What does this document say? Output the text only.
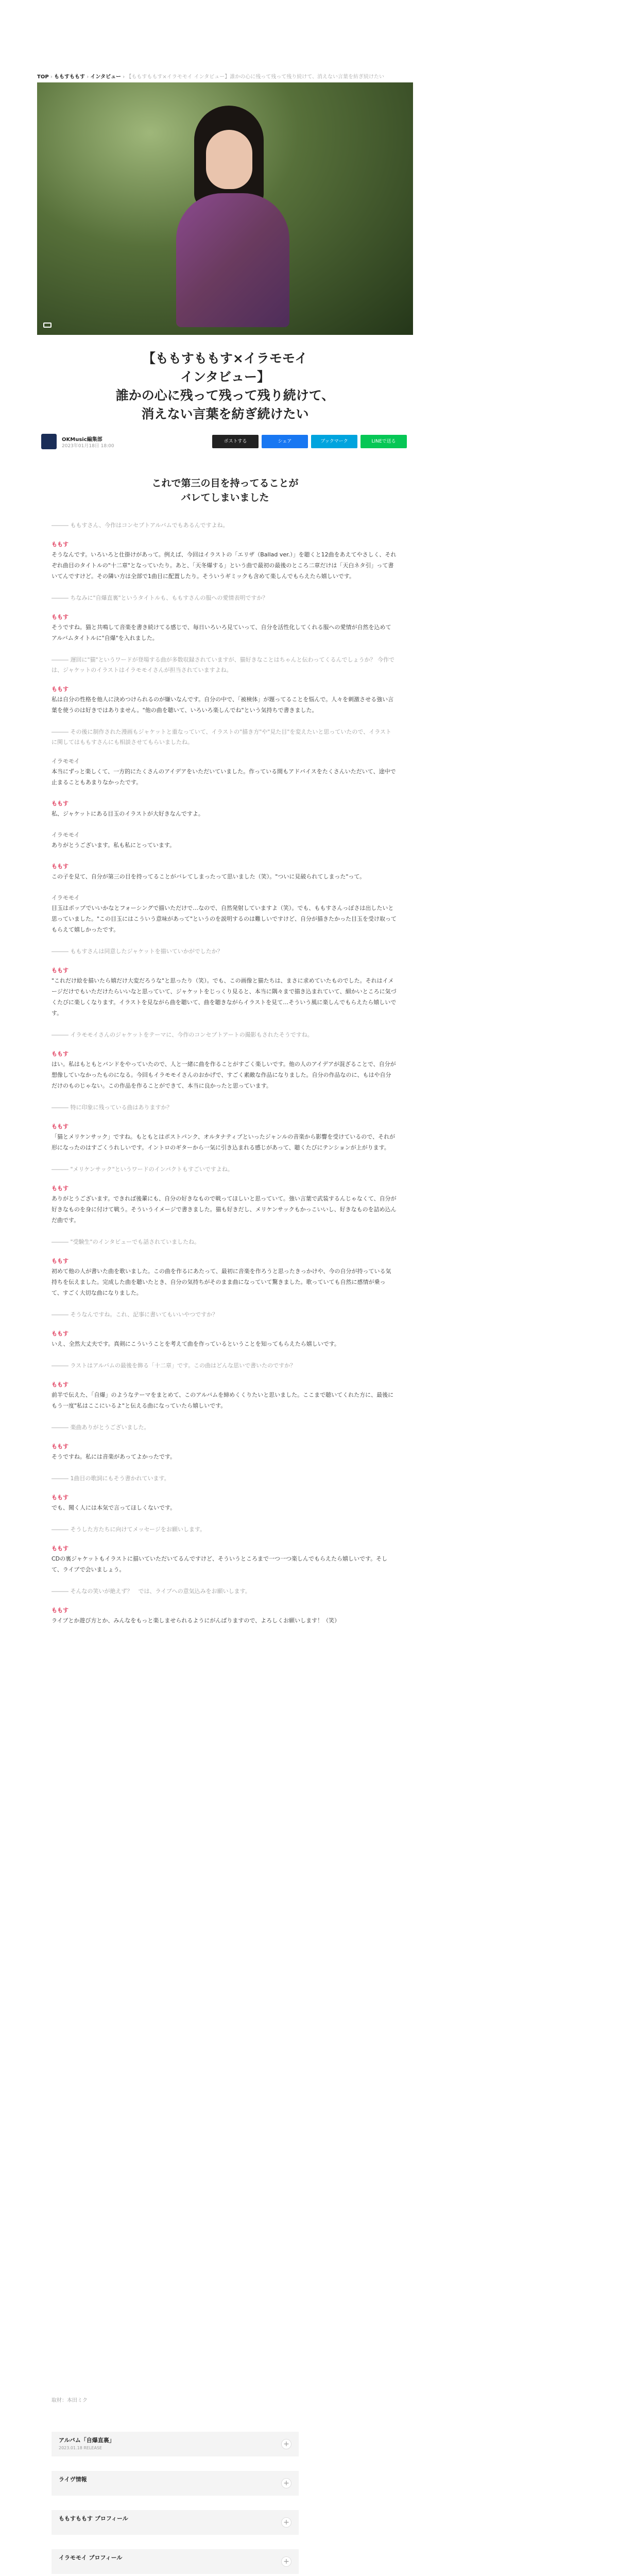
TOP › ももすももす › インタビュー › 【ももすももす×イラモモイ インタビュー】誰かの心に残って残って残り続けて、消えない言葉を紡ぎ続けたい
【ももすももす×イラモモイ
インタビュー】
誰かの心に残って残って残り続けて、
消えない言葉を紡ぎ続けたい
OKMusic編集部
2023年01月18日 18:00
ポストする	シェア	ブックマーク	LINEで送る
これで第三の目を持ってることが
バレてしまいました

――― ももすさん、今作はコンセプトアルバムでもあるんですよね。

ももす

そうなんです。いろいろと仕掛けがあって。例えば、今回はイラストの「エリザ（Ballad ver.）」を聴くと12曲をあえてやさしく、それぞれ曲目のタイトルの"十二章"となっていたり。あと、「天冬爆する」という曲で最初の最後のところ二章だけは「天白ネタ引」って書いてんですけど。その隣い方は全部で1曲目に配置したり。そういうギミックも含めて楽しんでもらえたら嬉しいです。

――― ちなみに"自爆直裏"というタイトルも、ももすさんの服への愛情表明ですか？

ももす

そうですね。猫と共鳴して音楽を書き続けてる感じで、毎日いろいろ見ていって、自分を活性化してくれる服への愛情が自然を込めてアルバムタイトルに"自爆"を入れました。

――― 遅回に"猫"というワードが登場する曲が多数収録されていますが、猫好きなことはちゃんと伝わってくるんでしょうか？ 今作では、ジャケットのイラストはイラモモイさんが担当されていますよね。

ももす

私は自分の性格を他人に決めつけられるのが嫌いなんです。自分の中で、「被検体」が題ってることを悩んで。人々を刺激させる強い言葉を使うのは好きではありません。"他の曲を聴いて、いろいろ楽しんでね"という気持ちで書きました。

――― その後に制作された漫画もジャケットと重なっていて、イラストの"描き方"や"見た目"を変えたいと思っていたので、イラストに関してはももすさんにも相談させてもらいましたね。

イラモモイ

本当にずっと楽しくて、一方的にたくさんのアイデアをいただいていました。作っている間もアドバイスをたくさんいただいて、途中で止まることもあまりなかったです。

ももす

私、ジャケットにある目玉のイラストが大好きなんですよ。

イラモモイ

ありがとうございます。私も私にとっています。

ももす

この子を見て、自分が第三の目を持ってることがバレてしまったって思いました（笑）。"ついに見破られてしまった"って。

イラモモイ

目玉はポップでいいかなとフォーシングで描いただけで…なので、自然発射していますよ（笑）。でも、ももすさんっぽさは出したいと思っていました。"この目玉にはこういう意味があって"というのを説明するのは難しいですけど、自分が描きたかった目玉を受け取ってもらえて嬉しかったです。

――― ももすさんは同意したジャケットを描いていかがでしたか？

ももす

"これだけ絵を描いたら嬉だけ大変だろうな"と思ったり（笑）。でも、この画像と猫たちは、まさに求めていたものでした。それはイメージだけでもいただけたらいいなと思っていて、ジャケットをじっくり見ると、本当に隅々まで描き込まれていて、細かいところに気づくたびに楽しくなります。イラストを見ながら曲を聴いて、曲を聴きながらイラストを見て…そういう風に楽しんでもらえたら嬉しいです。

――― イラモモイさんのジャケットをテーマに、今作のコンセプトアートの撮影もされたそうですね。

ももす

はい。私はもともとバンドをやっていたので、人と一緒に曲を作ることがすごく楽しいです。他の人のアイデアが混ざることで、自分が想像していなかったものになる。今回もイラモモイさんのおかげで、すごく素敵な作品になりました。自分の作品なのに、もはや自分だけのものじゃない。この作品を作ることができて、本当に良かったと思っています。

――― 特に印象に残っている曲はありますか？

ももす

「猫とメリケンサック」ですね。もともとはポストパンク、オルタナティブといったジャンルの音楽から影響を受けているので、それが形になったのはすごくうれしいです。イントロのギターから一気に引き込まれる感じがあって、聴くたびにテンションが上がります。

――― "メリケンサック"というワードのインパクトもすごいですよね。

ももす

ありがとうございます。できれば後輩にも、自分の好きなもので戦ってほしいと思っていて。強い言葉で武装するんじゃなくて、自分が好きなものを身に付けて戦う。そういうイメージで書きました。猫も好きだし、メリケンサックもかっこいいし、好きなものを詰め込んだ曲です。

――― "受験生"のインタビューでも話されていましたね。

ももす

初めて他の人が書いた曲を歌いました。この曲を作るにあたって、最初に音楽を作ろうと思ったきっかけや、今の自分が持っている気持ちを伝えました。完成した曲を聴いたとき、自分の気持ちがそのまま曲になっていて驚きました。歌っていても自然に感情が乗って、すごく大切な曲になりました。

――― そうなんですね。これ、記事に書いてもいいやつですか？

ももす

いえ、全然大丈夫です。真剣にこういうことを考えて曲を作っているということを知ってもらえたら嬉しいです。

――― ラストはアルバムの最後を飾る「十二章」です。この曲はどんな思いで書いたのですか？

ももす

前半で伝えた、「自爆」のようなテーマをまとめて、このアルバムを締めくくりたいと思いました。ここまで聴いてくれた方に、最後にもう一度"私はここにいるよ"と伝える曲になっていたら嬉しいです。

――― 楽曲ありがとうございました。

ももす

そうですね。私には音楽があってよかったです。

――― 1曲目の歌詞にもそう書かれています。

ももす

でも、聞く人には本気で言ってほしくないです。

――― そうした方たちに向けてメッセージをお願いします。

ももす

CDの裏ジャケットもイラストに描いていただいてるんですけど、そういうところまで一つ一つ楽しんでもらえたら嬉しいです。そして、ライブで会いましょう。

――― そんなの笑いが絶えず？　では、ライブへの意気込みをお願いします。

ももす

ライブとか遊び方とか、みんなをもっと楽しませられるようにがんばりますので、よろしくお願いします！（笑）

取材：本田ミク
アルバム「自爆直裏」
2023.01.18 RELEASE	+
ライヴ情報	+
ももすももす プロフィール	+
イラモモイ プロフィール	+
